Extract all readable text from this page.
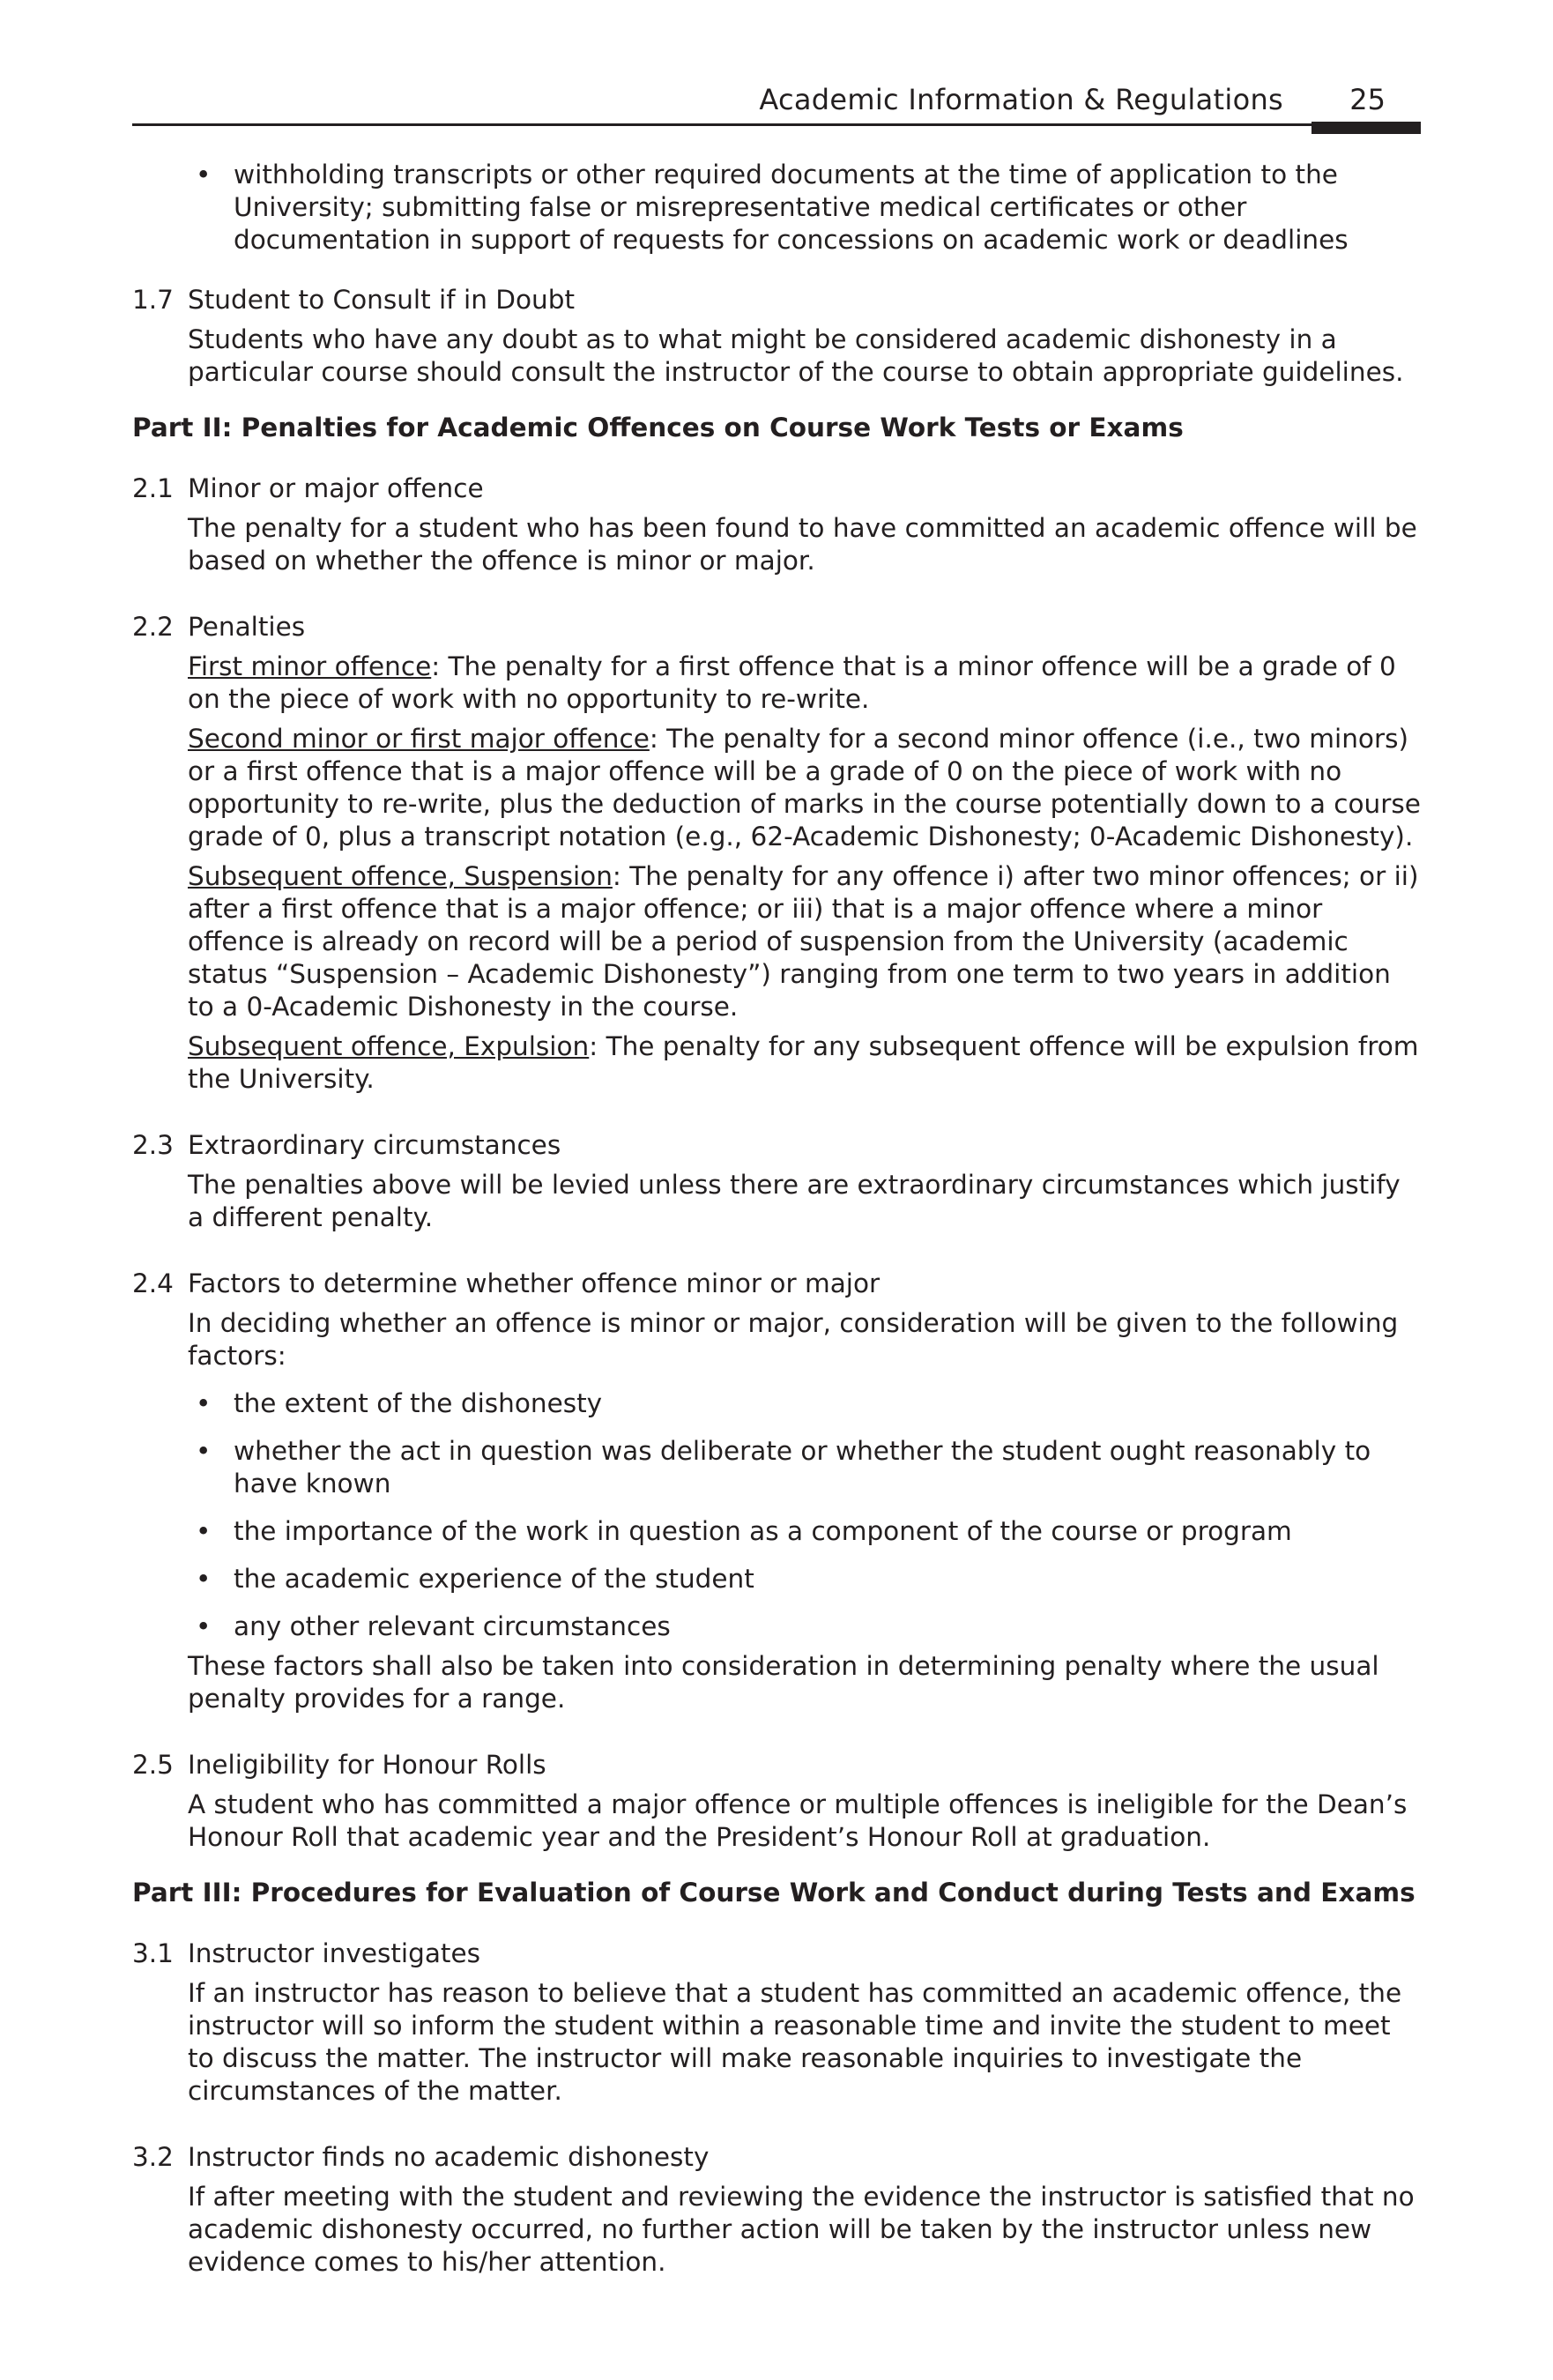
Academic Information & Regulations 25
• withholding transcripts or other required documents at the time of application to the University; submitting false or misrepresentative medical certificates or other documentation in support of requests for concessions on academic work or deadlines
1.7 Student to Consult if in Doubt
Students who have any doubt as to what might be considered academic dishonesty in a particular course should consult the instructor of the course to obtain appropriate guidelines.
Part II: Penalties for Academic Offences on Course Work Tests or Exams
2.1 Minor or major offence
The penalty for a student who has been found to have committed an academic offence will be based on whether the offence is minor or major.
2.2 Penalties
First minor offence: The penalty for a first offence that is a minor offence will be a grade of 0 on the piece of work with no opportunity to re-write.
Second minor or first major offence: The penalty for a second minor offence (i.e., two minors) or a first offence that is a major offence will be a grade of 0 on the piece of work with no opportunity to re-write, plus the deduction of marks in the course potentially down to a course grade of 0, plus a transcript notation (e.g., 62-Academic Dishonesty; 0-Academic Dishonesty).
Subsequent offence, Suspension: The penalty for any offence i) after two minor offences; or ii) after a first offence that is a major offence; or iii) that is a major offence where a minor offence is already on record will be a period of suspension from the University (academic status “Suspension – Academic Dishonesty”) ranging from one term to two years in addition to a 0-Academic Dishonesty in the course.
Subsequent offence, Expulsion: The penalty for any subsequent offence will be expulsion from the University.
2.3 Extraordinary circumstances
The penalties above will be levied unless there are extraordinary circumstances which justify a different penalty.
2.4 Factors to determine whether offence minor or major
In deciding whether an offence is minor or major, consideration will be given to the following factors:
• the extent of the dishonesty
• whether the act in question was deliberate or whether the student ought reasonably to have known
• the importance of the work in question as a component of the course or program
• the academic experience of the student
• any other relevant circumstances
These factors shall also be taken into consideration in determining penalty where the usual penalty provides for a range.
2.5 Ineligibility for Honour Rolls
A student who has committed a major offence or multiple offences is ineligible for the Dean’s Honour Roll that academic year and the President’s Honour Roll at graduation.
Part III: Procedures for Evaluation of Course Work and Conduct during Tests and Exams
3.1 Instructor investigates
If an instructor has reason to believe that a student has committed an academic offence, the instructor will so inform the student within a reasonable time and invite the student to meet to discuss the matter. The instructor will make reasonable inquiries to investigate the circumstances of the matter.
3.2 Instructor finds no academic dishonesty
If after meeting with the student and reviewing the evidence the instructor is satisfied that no academic dishonesty occurred, no further action will be taken by the instructor unless new evidence comes to his/her attention.
